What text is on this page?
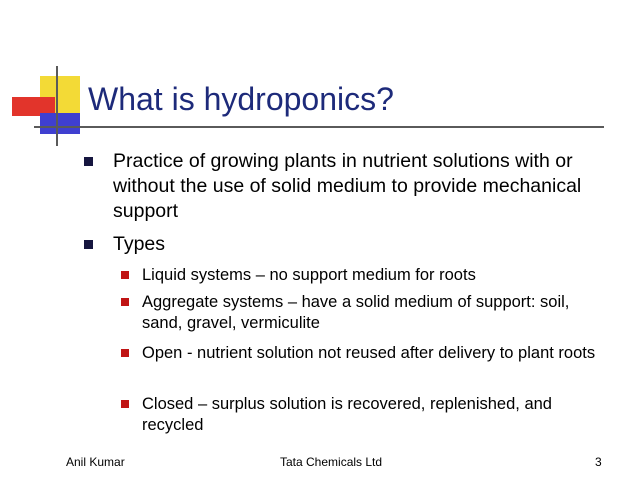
What is hydroponics?
Practice of growing plants in nutrient solutions with or without the use of solid medium to provide mechanical support
Types
Liquid systems – no support medium for roots
Aggregate systems – have a solid medium of support: soil, sand, gravel, vermiculite
Open - nutrient solution not reused after delivery to plant roots
Closed – surplus solution is recovered, replenished, and recycled
Anil Kumar	Tata Chemicals Ltd	3
